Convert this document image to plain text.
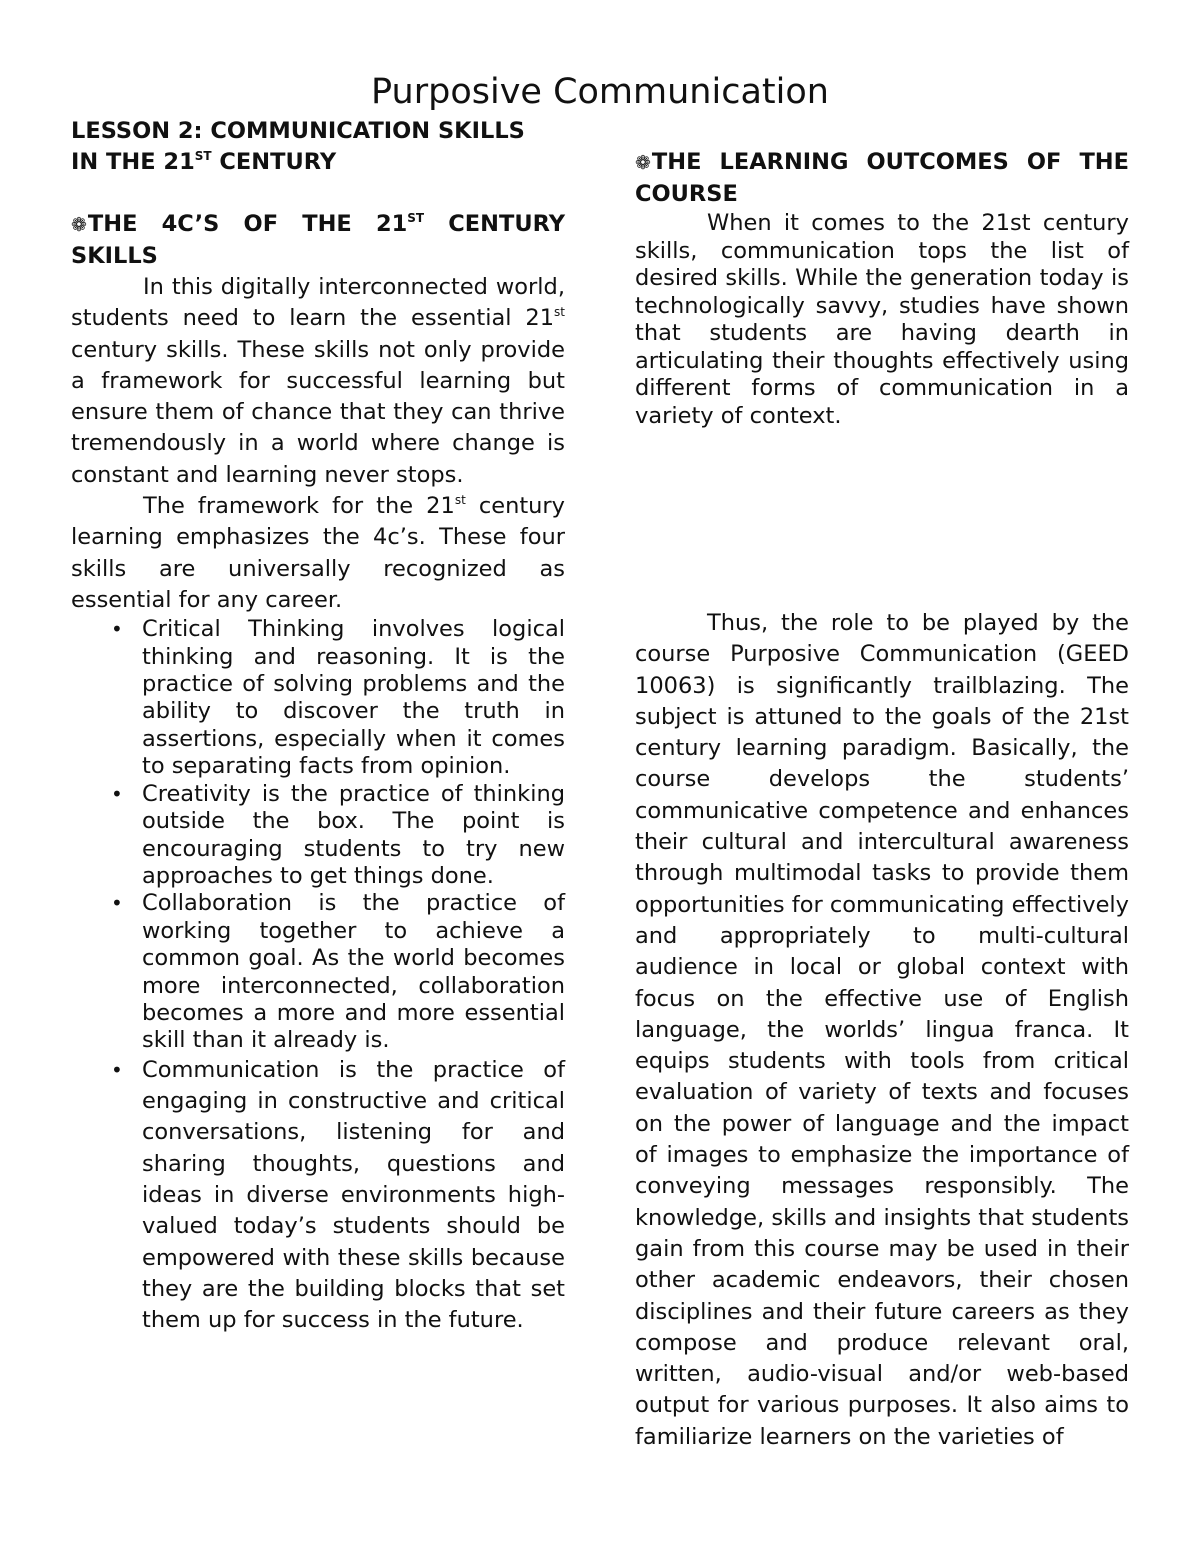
Purposive Communication
LESSON 2: COMMUNICATION SKILLS
IN THE 21ST CENTURY
❁THE 4C’S OF THE 21ST CENTURY SKILLS

In this digitally interconnected world, students need to learn the essential 21st century skills. These skills not only provide a framework for successful learning but ensure them of chance that they can thrive tremendously in a world where change is constant and learning never stops.

The framework for the 21st century learning emphasizes the 4c’s. These four skills are universally recognized as essential for any career.

• Critical Thinking involves logical thinking and reasoning. It is the practice of solving problems and the ability to discover the truth in assertions, especially when it comes to separating facts from opinion.
• Creativity is the practice of thinking outside the box. The point is encouraging students to try new approaches to get things done.
• Collaboration is the practice of working together to achieve a common goal. As the world becomes more interconnected, collaboration becomes a more and more essential skill than it already is.
• Communication is the practice of engaging in constructive and critical conversations, listening for and sharing thoughts, questions and ideas in diverse environments high-valued today’s students should be empowered with these skills because they are the building blocks that set them up for success in the future.
❁THE LEARNING OUTCOMES OF THE COURSE

When it comes to the 21st century skills, communication tops the list of desired skills. While the generation today is technologically savvy, studies have shown that students are having dearth in articulating their thoughts effectively using different forms of communication in a variety of context.

Thus, the role to be played by the course Purposive Communication (GEED 10063) is significantly trailblazing. The subject is attuned to the goals of the 21st century learning paradigm. Basically, the course develops the students’ communicative competence and enhances their cultural and intercultural awareness through multimodal tasks to provide them opportunities for communicating effectively and appropriately to multi-cultural audience in local or global context with focus on the effective use of English language, the worlds’ lingua franca. It equips students with tools from critical evaluation of variety of texts and focuses on the power of language and the impact of images to emphasize the importance of conveying messages responsibly. The knowledge, skills and insights that students gain from this course may be used in their other academic endeavors, their chosen disciplines and their future careers as they compose and produce relevant oral, written, audio-visual and/or web-based output for various purposes. It also aims to familiarize learners on the varieties of
